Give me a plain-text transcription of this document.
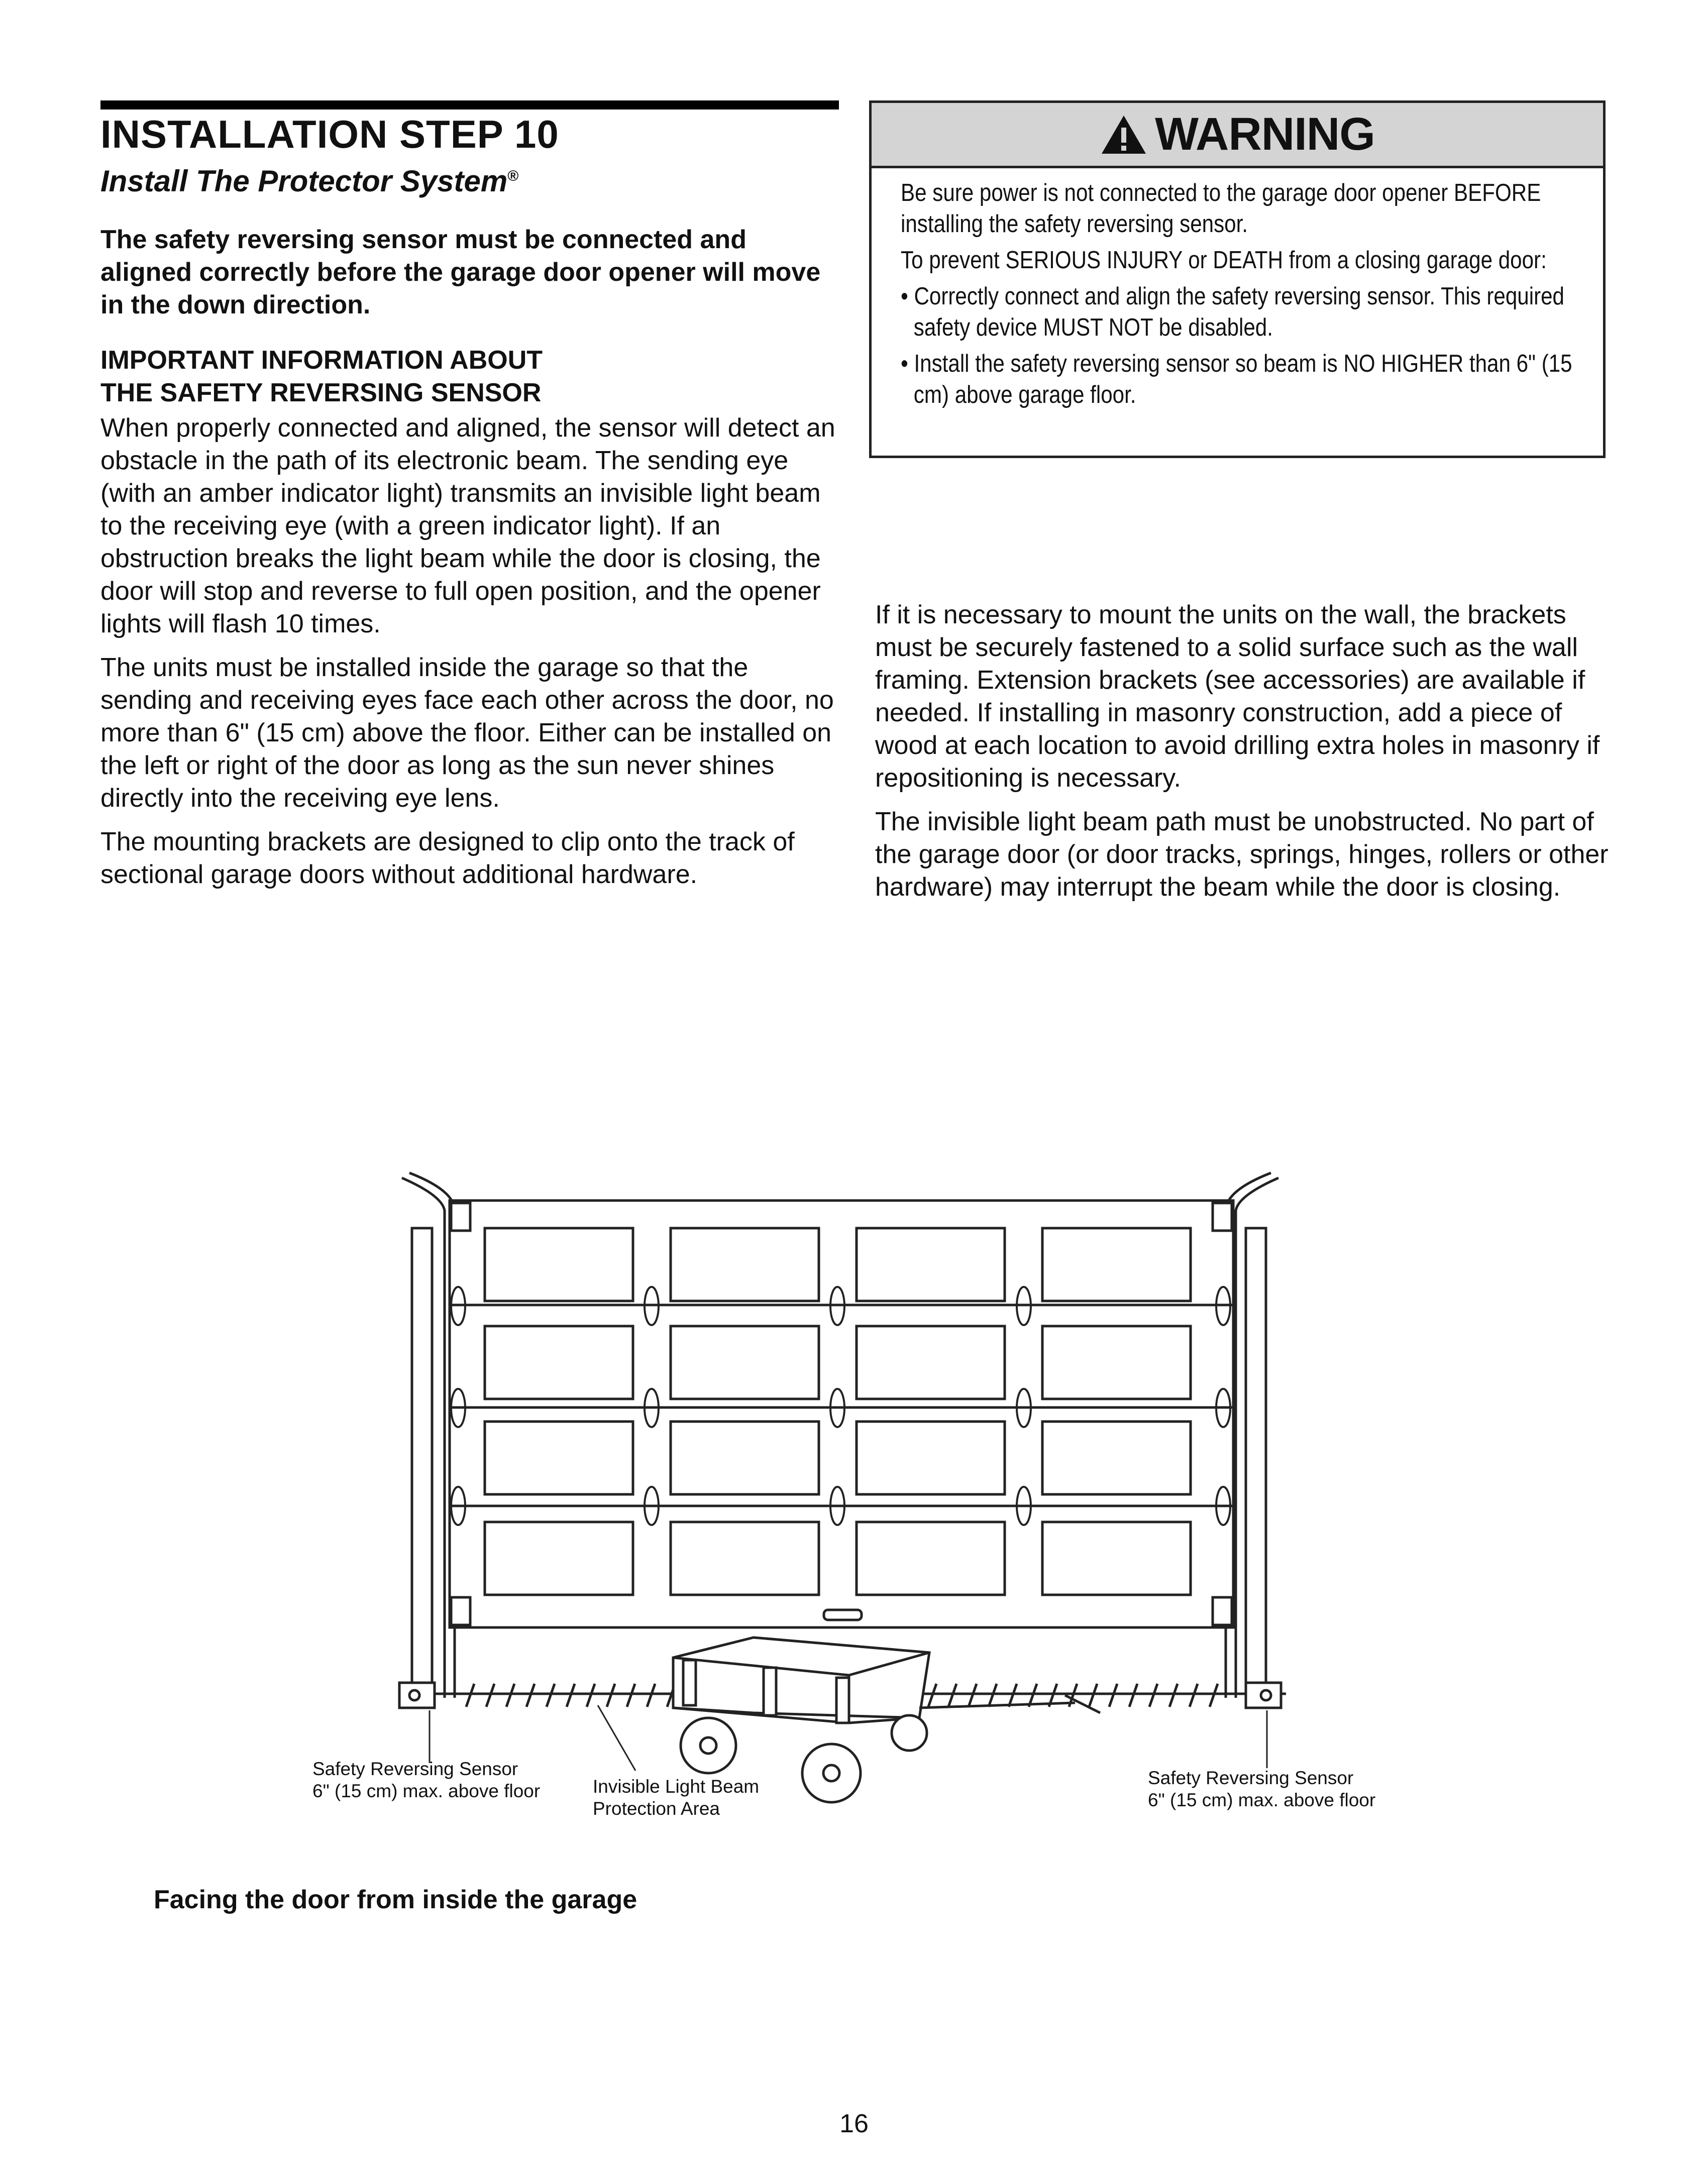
INSTALLATION STEP 10
Install The Protector System®
The safety reversing sensor must be connected and aligned correctly before the garage door opener will move in the down direction.
IMPORTANT INFORMATION ABOUT
THE SAFETY REVERSING SENSOR

When properly connected and aligned, the sensor will detect an obstacle in the path of its electronic beam. The sending eye (with an amber indicator light) transmits an invisible light beam to the receiving eye (with a green indicator light). If an obstruction breaks the light beam while the door is closing, the door will stop and reverse to full open position, and the opener lights will flash 10 times.

The units must be installed inside the garage so that the sending and receiving eyes face each other across the door, no more than 6" (15 cm) above the floor. Either can be installed on the left or right of the door as long as the sun never shines directly into the receiving eye lens.

The mounting brackets are designed to clip onto the track of sectional garage doors without additional hardware.

WARNING

Be sure power is not connected to the garage door opener BEFORE installing the safety reversing sensor.

To prevent SERIOUS INJURY or DEATH from a closing garage door:

• Correctly connect and align the safety reversing sensor. This required safety device MUST NOT be disabled.

• Install the safety reversing sensor so beam is NO HIGHER than 6" (15 cm) above garage floor.

If it is necessary to mount the units on the wall, the brackets must be securely fastened to a solid surface such as the wall framing. Extension brackets (see accessories) are available if needed. If installing in masonry construction, add a piece of wood at each location to avoid drilling extra holes in masonry if repositioning is necessary.

The invisible light beam path must be unobstructed. No part of the garage door (or door tracks, springs, hinges, rollers or other hardware) may interrupt the beam while the door is closing.

Safety Reversing Sensor
6" (15 cm) max. above floor	Invisible Light Beam
Protection Area
Safety Reversing Sensor
6" (15 cm) max. above floor
Facing the door from inside the garage
16
